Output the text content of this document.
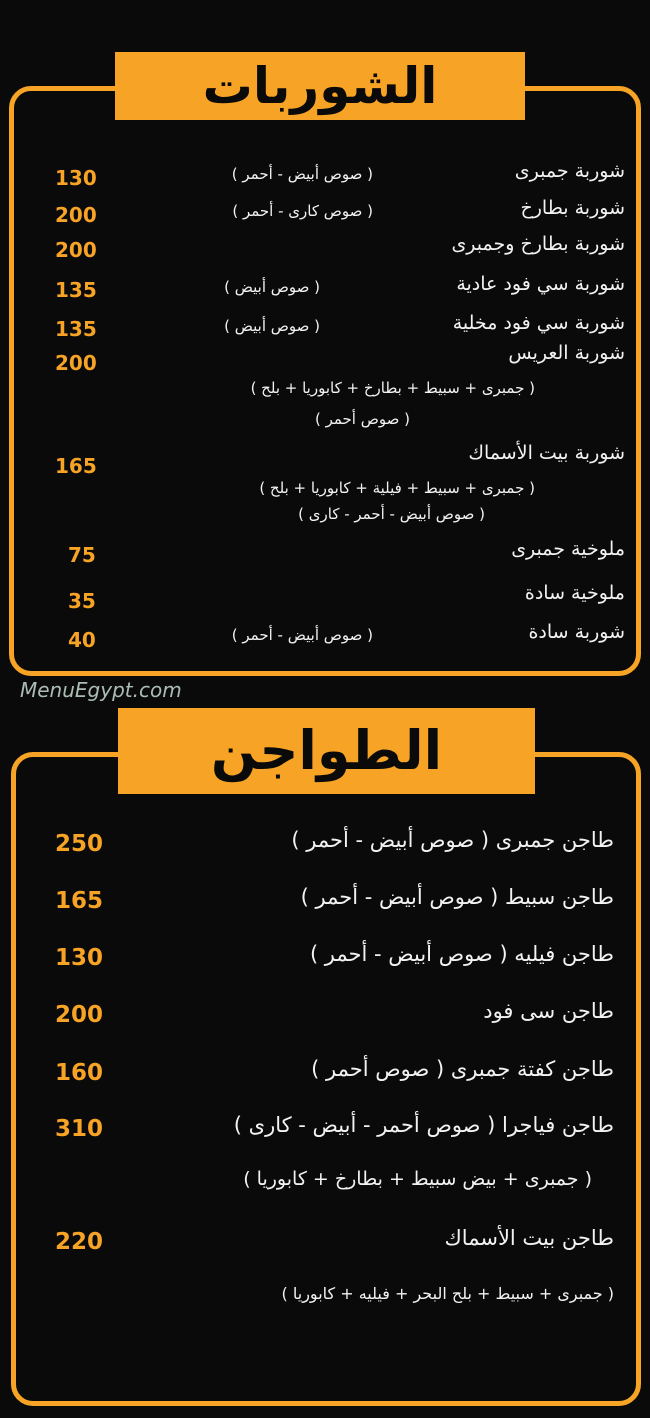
الشوربات
شوربة جمبرى
( صوص أبيض - أحمر )
130
شوربة بطارخ
( صوص كارى - أحمر )
200
شوربة بطارخ وجمبرى
200
شوربة سي فود عادية
( صوص أبيض )
135
شوربة سي فود مخلية
( صوص أبيض )
135
شوربة العريس
200
( جمبرى + سبيط + بطارخ + كابوريا + بلح )
( صوص أحمر )
شوربة بيت الأسماك
165
( جمبرى + سبيط + فيلية + كابوريا + بلح )
( صوص أبيض - أحمر - كارى )
ملوخية جمبرى
75
ملوخية سادة
35
شوربة سادة
( صوص أبيض - أحمر )
40
الطواجن
طاجن جمبرى ( صوص أبيض - أحمر )
250
طاجن سبيط ( صوص أبيض - أحمر )
165
طاجن فيليه ( صوص أبيض - أحمر )
130
طاجن سى فود
200
طاجن كفتة جمبرى ( صوص أحمر )
160
طاجن فياجرا ( صوص أحمر - أبيض - كارى )
310
( جمبرى + بيض سبيط + بطارخ + كابوريا )
طاجن بيت الأسماك
220
( جمبرى + سبيط + بلح البحر + فيليه + كابوريا )
MenuEgypt.com
